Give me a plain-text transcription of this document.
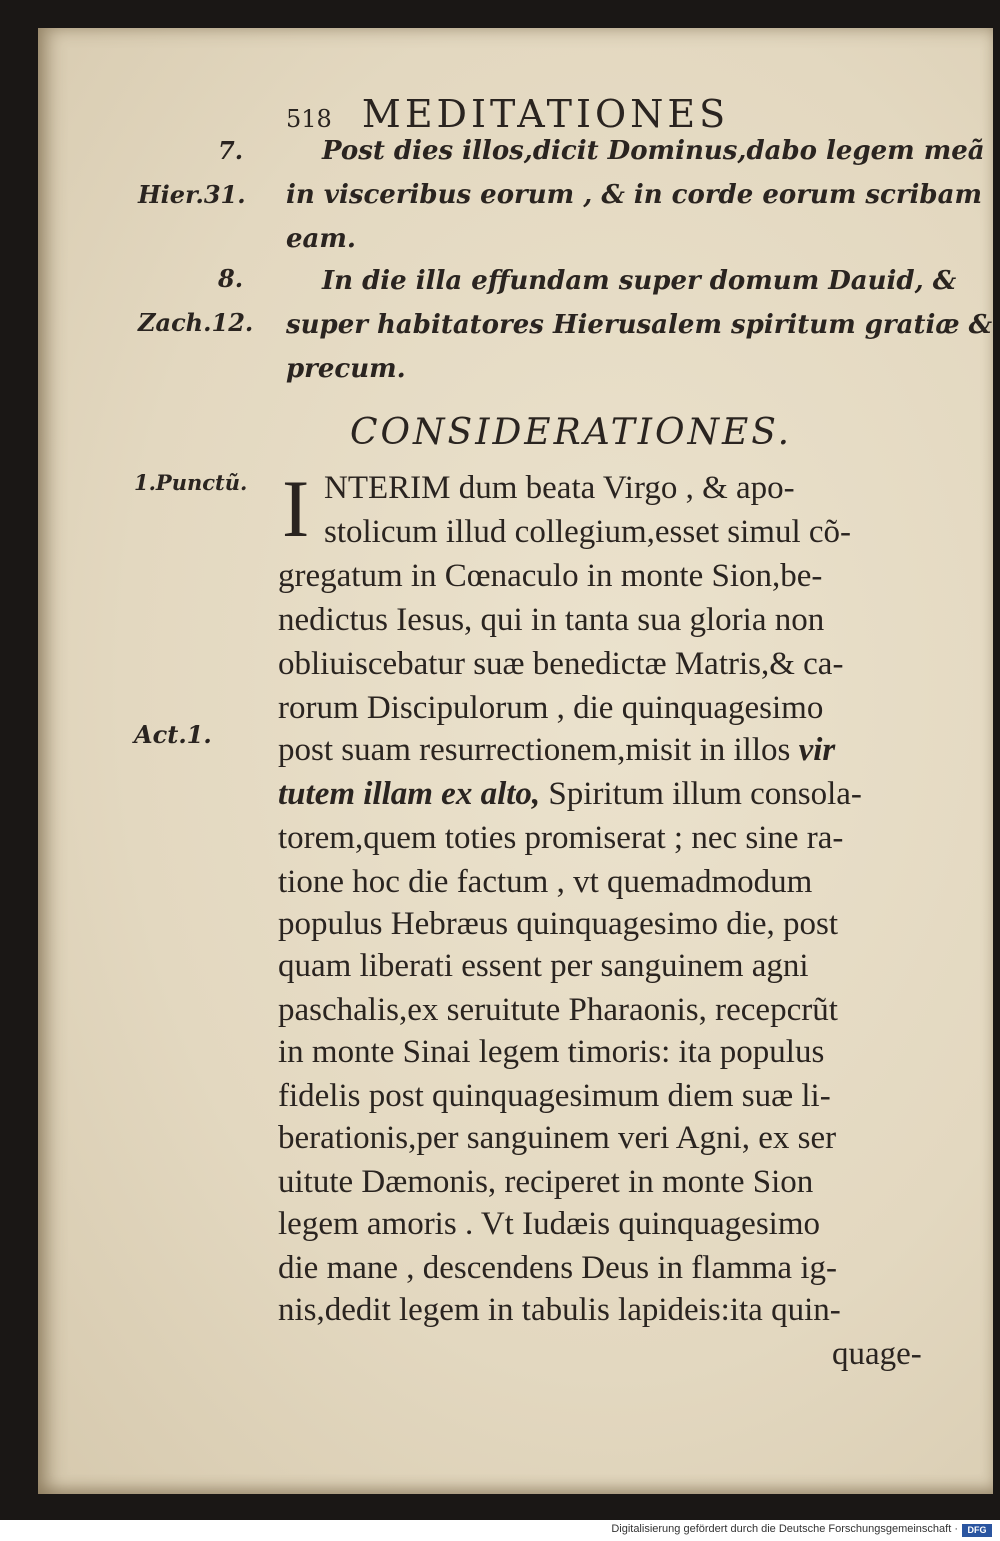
518 MEDITATIONES
7.
Hier.31.
8.
Zach.12.
1.Punctũ.
Act.1.
Post dies illos,dicit Dominus,dabo legem meã
in visceribus eorum , & in corde eorum scribam
eam.
In die illa effundam super domum Dauid, &
super habitatores Hierusalem spiritum gratiæ &
precum.
CONSIDERATIONES.
I NTERIM dum beata Virgo , & apo-
stolicum illud collegium,esset simul cõ-
gregatum in Cœnaculo in monte Sion,be-
nedictus Iesus, qui in tanta sua gloria non
obliuiscebatur suæ benedictæ Matris,& ca-
rorum Discipulorum , die quinquagesimo
post suam resurrectionem,misit in illos vir
tutem illam ex alto, Spiritum illum consola-
torem,quem toties promiserat ; nec sine ra-
tione hoc die factum , vt quemadmodum
populus Hebræus quinquagesimo die, post
quam liberati essent per sanguinem agni
paschalis,ex seruitute Pharaonis, recepcrũt
in monte Sinai legem timoris: ita populus
fidelis post quinquagesimum diem suæ li-
berationis,per sanguinem veri Agni, ex ser
uitute Dæmonis, reciperet in monte Sion
legem amoris . Vt Iudæis quinquagesimo
die mane , descendens Deus in flamma ig-
nis,dedit legem in tabulis lapideis:ita quin-
quage-
Digitalisierung gefördert durch die Deutsche Forschungsgemeinschaft ·	DFG
